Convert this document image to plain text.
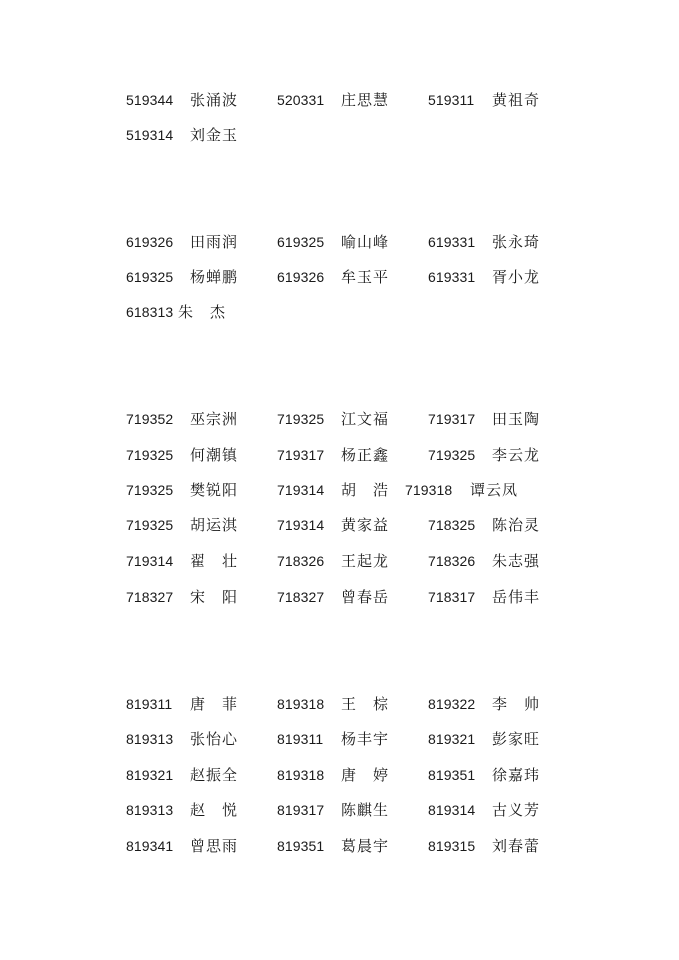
519344 张涌波	520331 庄思慧	519311 黄祖奇
519314 刘金玉
619326 田雨润	619325 喻山峰	619331 张永琦
619325 杨蝉鹏	619326 牟玉平	619331 胥小龙
618313 朱　杰
719352 巫宗洲	719325 江文福	719317 田玉陶
719325 何潮镇	719317 杨正鑫	719325 李云龙
719325 樊锐阳	719314 胡　浩 719318 谭云凤
719325 胡运淇	719314 黄家益	718325 陈治灵
719314 翟　壮	718326 王起龙	718326 朱志强
718327 宋　阳	718327 曾春岳	718317 岳伟丰
819311 唐　菲	819318 王　棕	819322 李　帅
819313 张怡心	819311 杨丰宇	819321 彭家旺
819321 赵振全	819318 唐　婷	819351 徐嘉玮
819313 赵　悦	819317 陈麒生	819314 古义芳
819341 曾思雨	819351 葛晨宇	819315 刘春蕾
